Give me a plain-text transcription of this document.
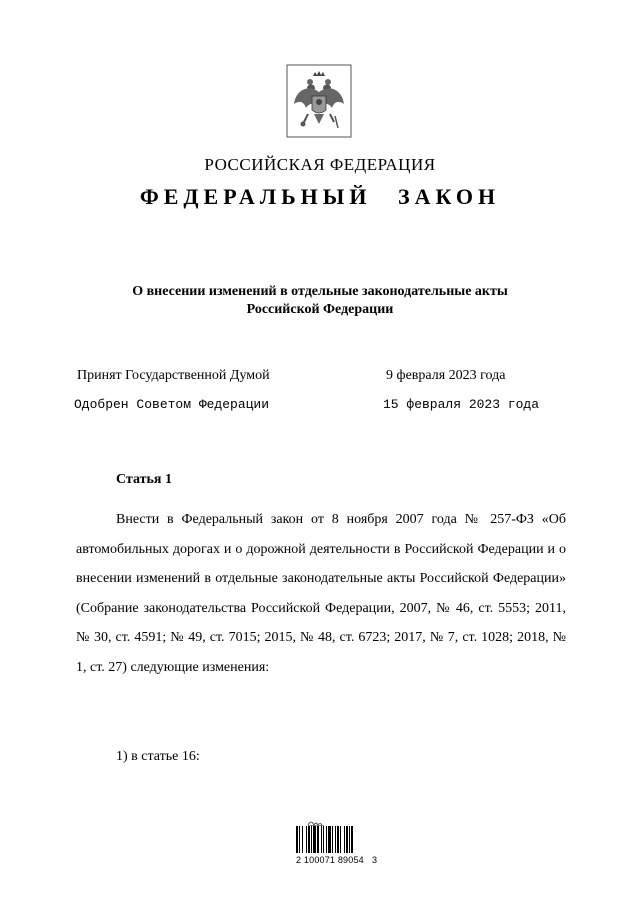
РОССИЙСКАЯ ФЕДЕРАЦИЯ
ФЕДЕРАЛЬНЫЙ ЗАКОН
О внесении изменений в отдельные законодательные акты
Российской Федерации
Принят Государственной Думой	9 февраля 2023 года
Одобрен Советом Федерации	15 февраля 2023 года
Статья 1

Внести в Федеральный закон от 8 ноября 2007 года № 257-ФЗ «Об автомобильных дорогах и о дорожной деятельности в Российской Федерации и о внесении изменений в отдельные законодательные акты Российской Федерации» (Собрание законодательства Российской Федерации, 2007, № 46, ст. 5553; 2011, № 30, ст. 4591; № 49, ст. 7015; 2015, № 48, ст. 6723; 2017, № 7, ст. 1028; 2018, № 1, ст. 27) следующие изменения:

1) в статье 16:
2 100071 89054   3
